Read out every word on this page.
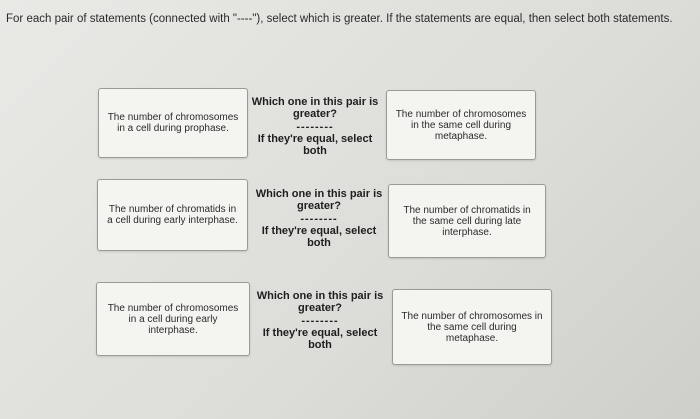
For each pair of statements (connected with "----"), select which is greater. If the statements are equal, then select both statements.
The number of chromosomes in a cell during prophase.
Which one in this pair is greater?
--------
If they're equal, select both
The number of chromosomes in the same cell during metaphase.
The number of chromatids in a cell during early interphase.
Which one in this pair is greater?
--------
If they're equal, select both
The number of chromatids in the same cell during late interphase.
The number of chromosomes in a cell during early interphase.
Which one in this pair is greater?
--------
If they're equal, select both
The number of chromosomes in the same cell during metaphase.
